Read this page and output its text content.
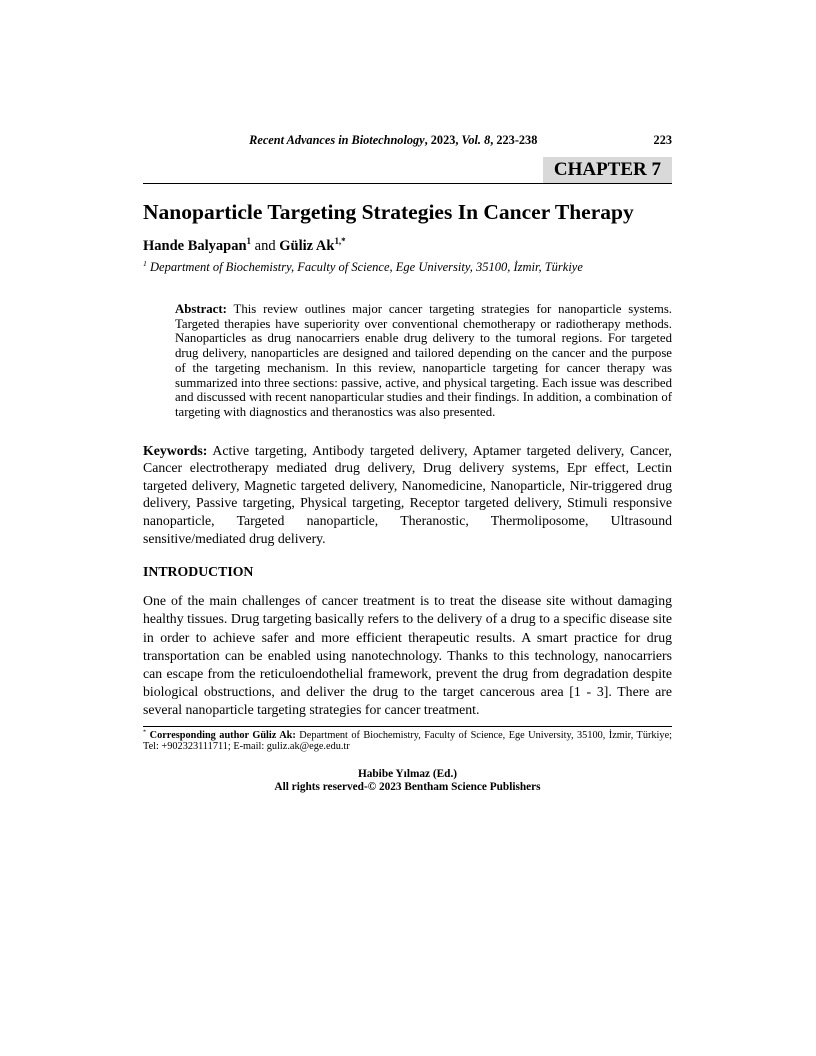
Recent Advances in Biotechnology, 2023, Vol. 8, 223-238	223
CHAPTER 7
Nanoparticle Targeting Strategies In Cancer Therapy

Hande Balyapan$^1$ and Güliz $Ak^{1,*}$

$^1$ Department of Biochemistry, Faculty of Science, Ege University, 35100, İzmir, Türkiye

Abstract: This review outlines major cancer targeting strategies for nanoparticle systems. Targeted therapies have superiority over conventional chemotherapy or radiotherapy methods. Nanoparticles as drug nanocarriers enable drug delivery to the tumoral regions. For targeted drug delivery, nanoparticles are designed and tailored depending on the cancer and the purpose of the targeting mechanism. In this review, nanoparticle targeting for cancer therapy was summarized into three sections: passive, active, and physical targeting. Each issue was described and discussed with recent nanoparticular studies and their findings. In addition, a combination of targeting with diagnostics and theranostics was also presented.

Keywords: Active targeting, Antibody targeted delivery, Aptamer targeted delivery, Cancer, Cancer electrotherapy mediated drug delivery, Drug delivery systems, Epr effect, Lectin targeted delivery, Magnetic targeted delivery, Nanomedicine, Nanoparticle, Nir-triggered drug delivery, Passive targeting, Physical targeting, Receptor targeted delivery, Stimuli responsive nanoparticle, Targeted nanoparticle, Theranostic, Thermoliposome, Ultrasound sensitive/mediated drug delivery.

INTRODUCTION

One of the main challenges of cancer treatment is to treat the disease site without damaging healthy tissues. Drug targeting basically refers to the delivery of a drug to a specific disease site in order to achieve safer and more efficient therapeutic results. A smart practice for drug transportation can be enabled using nanotechnology. Thanks to this technology, nanocarriers can escape from the reticuloendothelial framework, prevent the drug from degradation despite biological obstructions, and deliver the drug to the target cancerous area [1 - 3]. There are several nanoparticle targeting strategies for cancer treatment.

* Corresponding author Güliz Ak: Department of Biochemistry, Faculty of Science, Ege University, 35100, İzmir, Türkiye; Tel: +902323111711; E-mail: guliz.ak@ege.edu.tr

Habibe Yılmaz (Ed.)
All rights reserved-© 2023 Bentham Science Publishers
